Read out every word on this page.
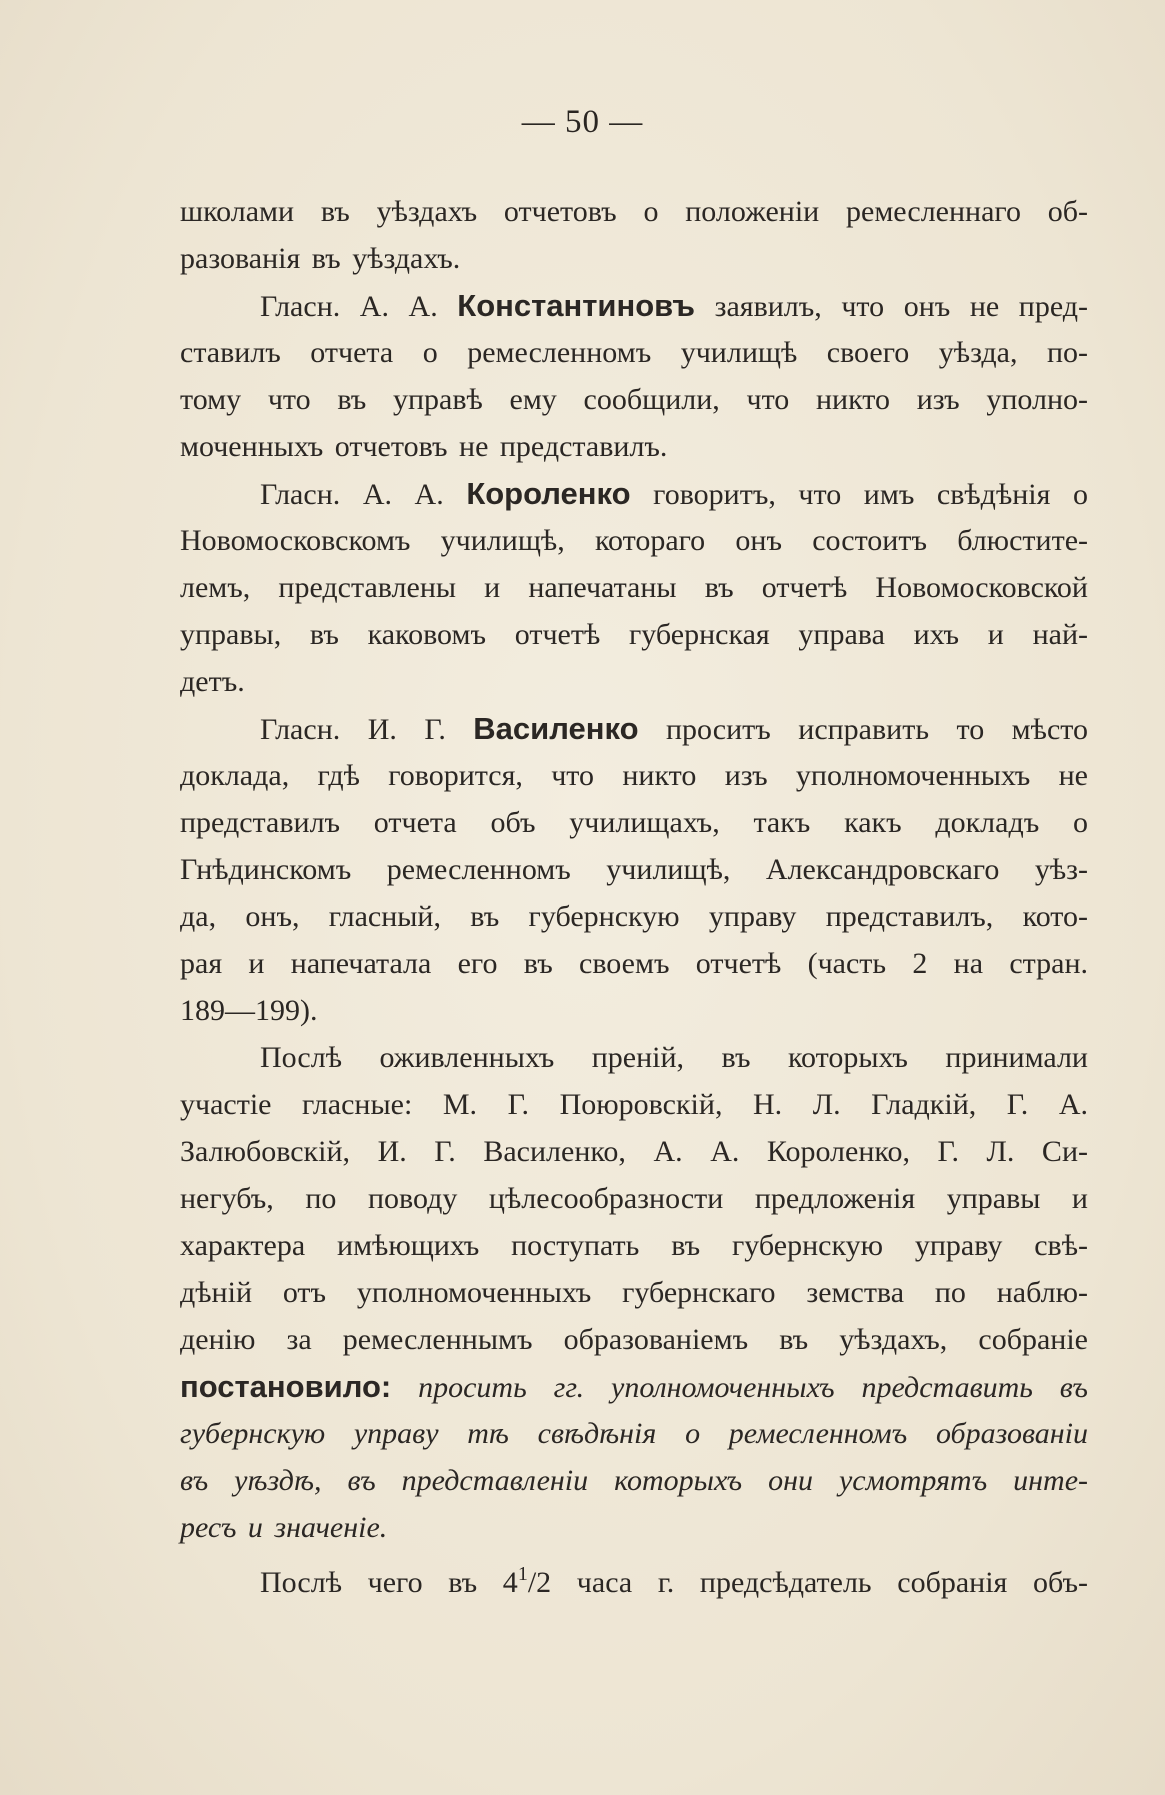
— 50 —
школами въ уѣздахъ отчетовъ о положеніи ремесленнаго об-
разованія въ уѣздахъ.
Гласн. А. А. Константиновъ заявилъ, что онъ не пред-
ставилъ отчета о ремесленномъ училищѣ своего уѣзда, по-
тому что въ управѣ ему сообщили, что никто изъ уполно-
моченныхъ отчетовъ не представилъ.
Гласн. А. А. Короленко говоритъ, что имъ свѣдѣнія о
Новомосковскомъ училищѣ, котораго онъ состоитъ блюстите-
лемъ, представлены и напечатаны въ отчетѣ Новомосковской
управы, въ каковомъ отчетѣ губернская управа ихъ и най-
детъ.
Гласн. И. Г. Василенко проситъ исправить то мѣсто
доклада, гдѣ говорится, что никто изъ уполномоченныхъ не
представилъ отчета объ училищахъ, такъ какъ докладъ о
Гнѣдинскомъ ремесленномъ училищѣ, Александровскаго уѣз-
да, онъ, гласный, въ губернскую управу представилъ, кото-
рая и напечатала его въ своемъ отчетѣ (часть 2 на стран.
189—199).
Послѣ оживленныхъ преній, въ которыхъ принимали
участіе гласные: М. Г. Поюровскій, Н. Л. Гладкій, Г. А.
Залюбовскій, И. Г. Василенко, А. А. Короленко, Г. Л. Си-
негубъ, по поводу цѣлесообразности предложенія управы и
характера имѣющихъ поступать въ губернскую управу свѣ-
дѣній отъ уполномоченныхъ губернскаго земства по наблю-
денію за ремесленнымъ образованіемъ въ уѣздахъ, собраніе
постановило: просить гг. уполномоченныхъ представить въ
губернскую управу тѣ свѣдѣнія о ремесленномъ образованіи
въ уѣздѣ, въ представленіи которыхъ они усмотрятъ инте-
ресъ и значеніе.
Послѣ чего въ $4^1/2$ часа г. предсѣдатель собранія объ-
